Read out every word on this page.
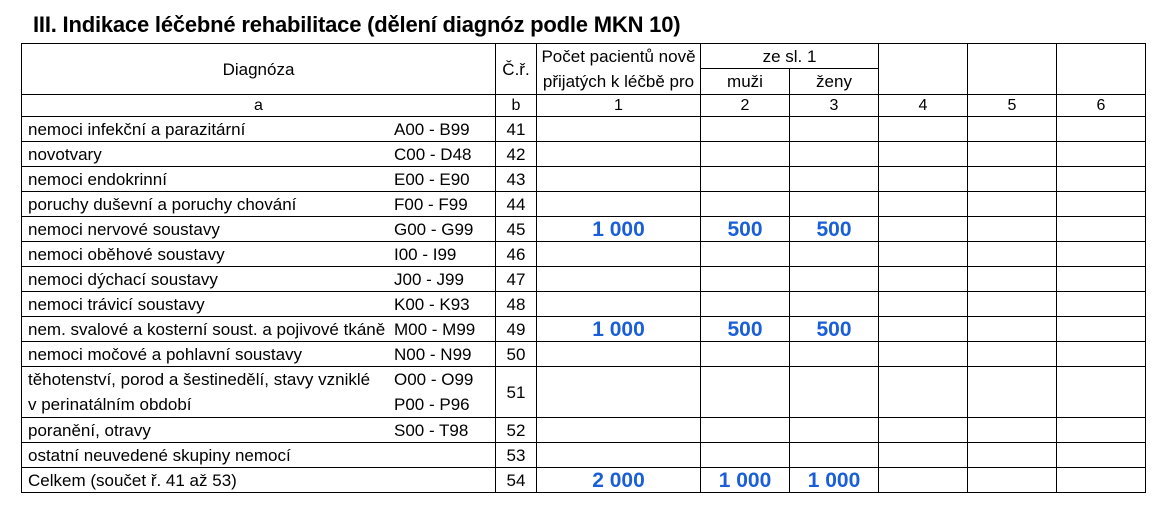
III. Indikace léčebné rehabilitace (dělení diagnóz podle MKN 10)
Diagnóza	Č.ř.	Počet pacientů nově
přijatých k léčbě pro	ze sl. 1				
			muži	ženy			
a	b	1	2	3	4	5	6

nemoci infekční a parazitární A00 - B99	41						

novotvary C00 - D48	42						

nemoci endokrinní E00 - E90	43						

poruchy duševní a poruchy chování F00 - F99	44						

nemoci nervové soustavy G00 - G99	45	1 000	500	500			

nemoci oběhové soustavy I00 - I99	46						

nemoci dýchací soustavy J00 - J99	47						

nemoci trávicí soustavy K00 - K93	48						

nem. svalové a kosterní soust. a pojivové tkáně M00 - M99	49	1 000	500	500			

nemoci močové a pohlavní soustavy N00 - N99	50						

těhotenství, porod a šestinedělí, stavy vzniklé O00 - O99
v perinatálním období P00 - P96	51						

poranění, otravy S00 - T98	52						

ostatní neuvedené skupiny nemocí	53						

Celkem (součet ř. 41 až 53)	54	2 000	1 000	1 000			
